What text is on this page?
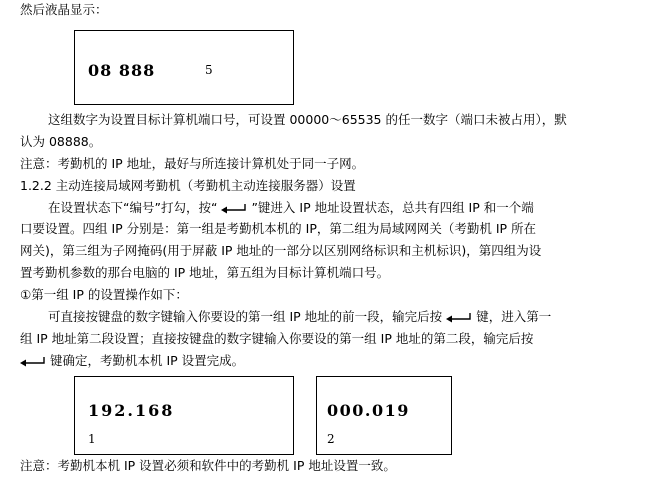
然后液晶显示：
08 888	5
这组数字为设置目标计算机端口号，可设置 00000～65535 的任一数字（端口未被占用），默
认为 08888。
注意：考勤机的 IP 地址，最好与所连接计算机处于同一子网。
1.2.2 主动连接局域网考勤机（考勤机主动连接服务器）设置
在设置状态下“编号”打勾，按“	”键进入 IP 地址设置状态，总共有四组 IP 和一个端
口要设置。四组 IP 分别是：第一组是考勤机本机的 IP，第二组为局域网网关（考勤机 IP 所在
网关)，第三组为子网掩码(用于屏蔽 IP 地址的一部分以区别网络标识和主机标识)，第四组为设
置考勤机参数的那台电脑的 IP 地址，第五组为目标计算机端口号。
①第一组 IP 的设置操作如下：
可直接按键盘的数字键输入你要设的第一组 IP 地址的前一段，输完后按	键，进入第一
组 IP 地址第二段设置；直接按键盘的数字键输入你要设的第一组 IP 地址的第二段，输完后按
键确定，考勤机本机 IP 设置完成。
192.168
1
000.019
2
注意：考勤机本机 IP 设置必须和软件中的考勤机 IP 地址设置一致。
